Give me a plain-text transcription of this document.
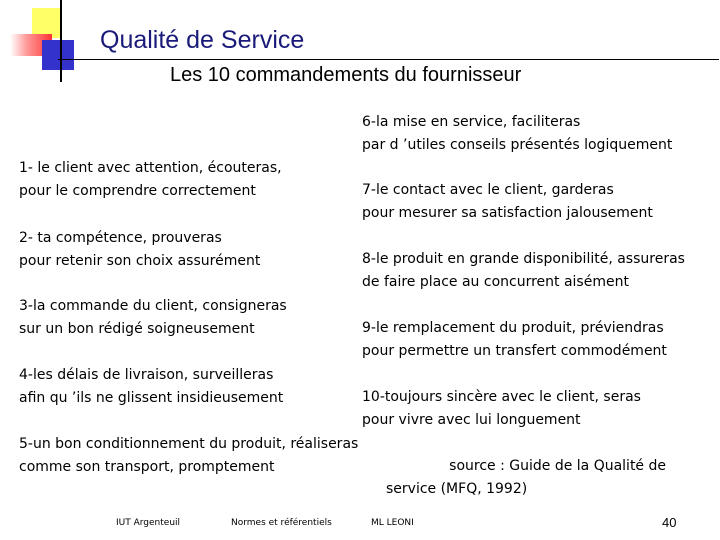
Qualité de Service
Les 10 commandements du fournisseur
1- le client avec attention, écouteras,
pour le comprendre correctement
2- ta compétence, prouveras
pour retenir son choix assurément
3-la commande du client, consigneras
sur un bon rédigé soigneusement
4-les délais de livraison, surveilleras
afin qu ’ils ne glissent insidieusement
5-un bon conditionnement du produit, réaliseras
comme son transport, promptement
6-la mise en service, faciliteras
par d ’utiles conseils présentés logiquement
7-le contact avec le client, garderas
pour mesurer sa satisfaction jalousement
8-le produit en grande disponibilité, assureras
de faire place au concurrent aisément
9-le remplacement du produit, préviendras
pour permettre un transfert commodément
10-toujours sincère avec le client, seras
pour vivre avec lui longuement
source : Guide de la Qualité de
service (MFQ, 1992)
IUT Argenteuil	Normes et référentiels	ML LEONI	40
